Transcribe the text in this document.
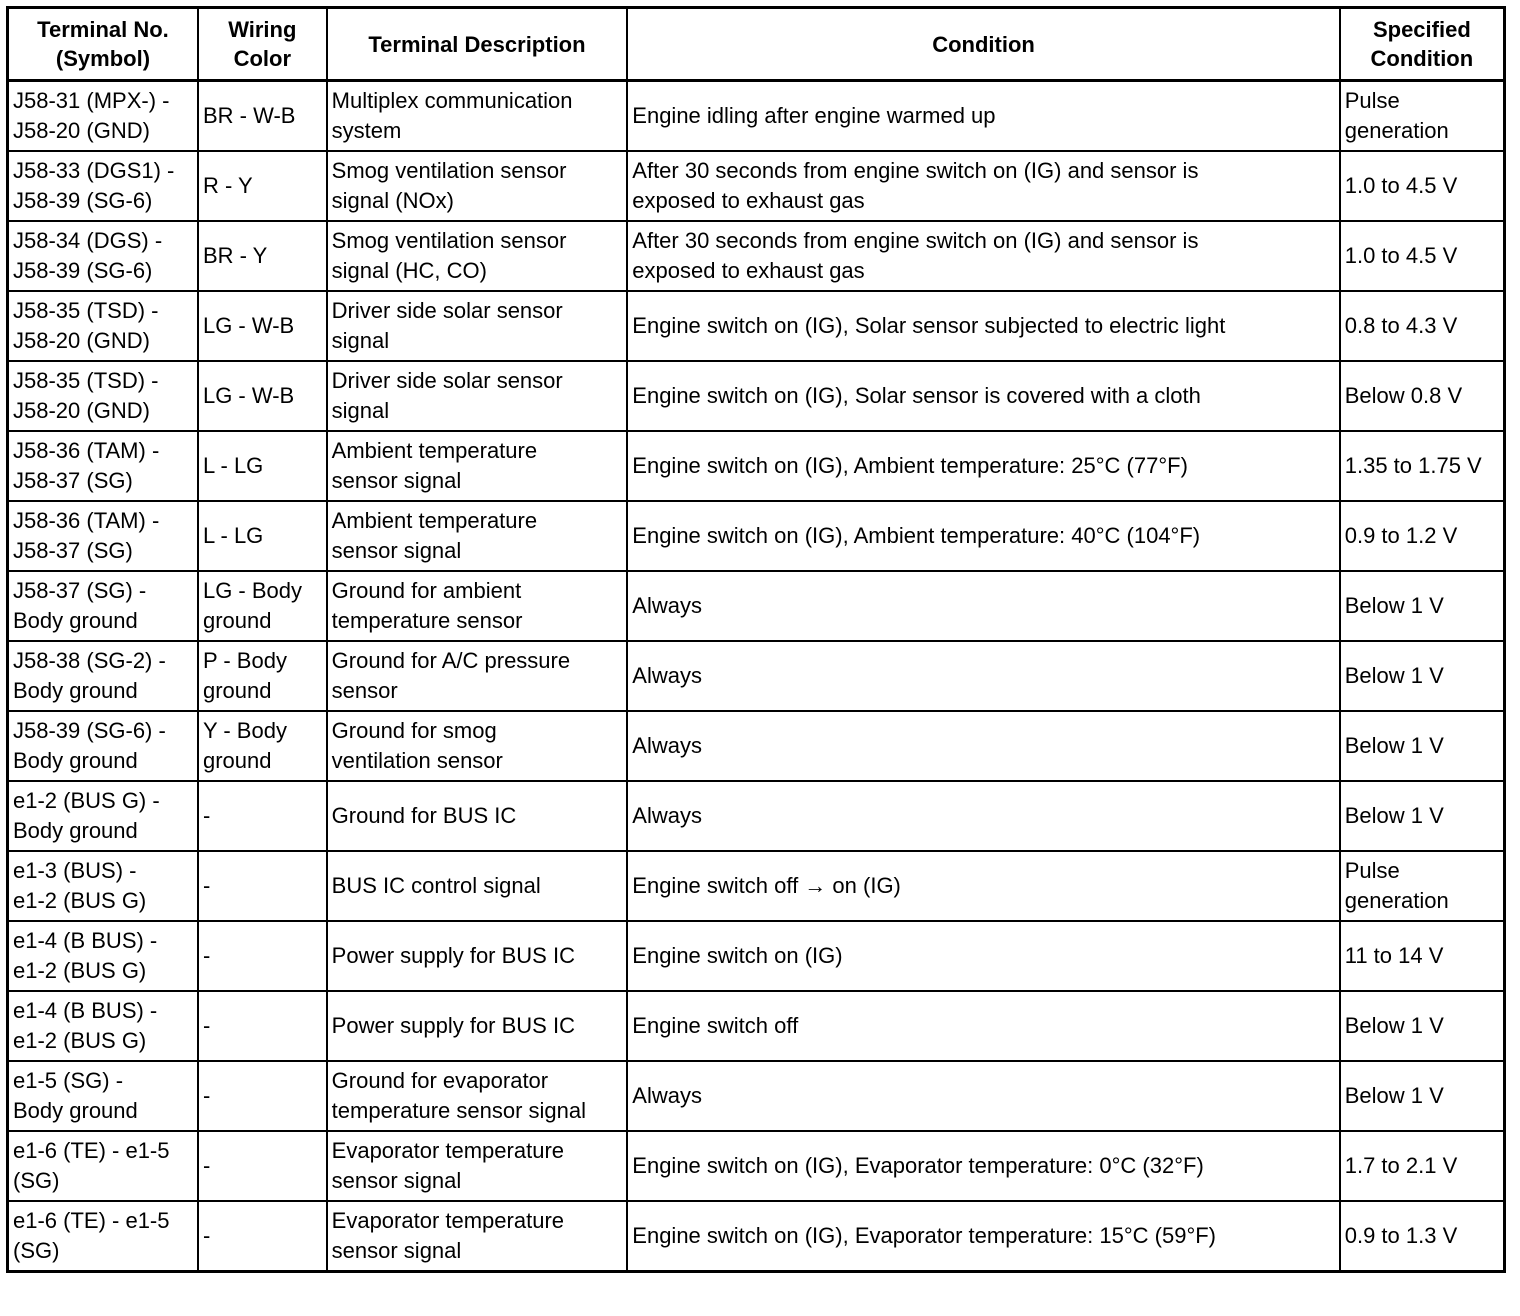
Terminal No.
(Symbol)	Wiring
Color	Terminal Description	Condition	Specified
Condition

J58-31 (MPX-) -
J58-20 (GND)	BR - W-B	Multiplex communication
system	Engine idling after engine warmed up	Pulse
generation

J58-33 (DGS1) -
J58-39 (SG-6)	R - Y	Smog ventilation sensor
signal (NOx)	After 30 seconds from engine switch on (IG) and sensor is
exposed to exhaust gas	1.0 to 4.5 V

J58-34 (DGS) -
J58-39 (SG-6)	BR - Y	Smog ventilation sensor
signal (HC, CO)	After 30 seconds from engine switch on (IG) and sensor is
exposed to exhaust gas	1.0 to 4.5 V

J58-35 (TSD) -
J58-20 (GND)	LG - W-B	Driver side solar sensor
signal	Engine switch on (IG), Solar sensor subjected to electric light	0.8 to 4.3 V

J58-35 (TSD) -
J58-20 (GND)	LG - W-B	Driver side solar sensor
signal	Engine switch on (IG), Solar sensor is covered with a cloth	Below 0.8 V

J58-36 (TAM) -
J58-37 (SG)	L - LG	Ambient temperature
sensor signal	Engine switch on (IG), Ambient temperature: 25°C (77°F)	1.35 to 1.75 V

J58-36 (TAM) -
J58-37 (SG)	L - LG	Ambient temperature
sensor signal	Engine switch on (IG), Ambient temperature: 40°C (104°F)	0.9 to 1.2 V

J58-37 (SG) -
Body ground	LG - Body
ground	Ground for ambient
temperature sensor	Always	Below 1 V

J58-38 (SG-2) -
Body ground	P - Body
ground	Ground for A/C pressure
sensor	Always	Below 1 V

J58-39 (SG-6) -
Body ground	Y - Body
ground	Ground for smog
ventilation sensor	Always	Below 1 V

e1-2 (BUS G) -
Body ground	-	Ground for BUS IC	Always	Below 1 V

e1-3 (BUS) -
e1-2 (BUS G)	-	BUS IC control signal	Engine switch off → on (IG)	Pulse
generation

e1-4 (B BUS) -
e1-2 (BUS G)	-	Power supply for BUS IC	Engine switch on (IG)	11 to 14 V

e1-4 (B BUS) -
e1-2 (BUS G)	-	Power supply for BUS IC	Engine switch off	Below 1 V

e1-5 (SG) -
Body ground	-	Ground for evaporator
temperature sensor signal	Always	Below 1 V

e1-6 (TE) - e1-5
(SG)	-	Evaporator temperature
sensor signal	Engine switch on (IG), Evaporator temperature: 0°C (32°F)	1.7 to 2.1 V

e1-6 (TE) - e1-5
(SG)	-	Evaporator temperature
sensor signal	Engine switch on (IG), Evaporator temperature: 15°C (59°F)	0.9 to 1.3 V
